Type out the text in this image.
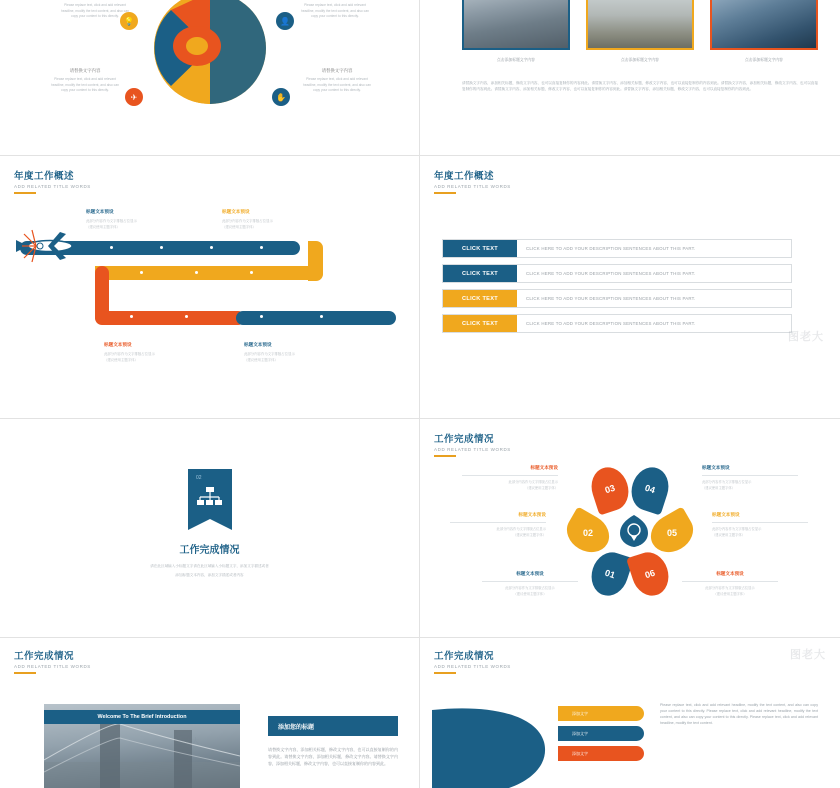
💡	👤
✈	✋
Please replace text, click and add relevant headline, modify the text content, and also can copy your content to this directly.
Please replace text, click and add relevant headline, modify the text content, and also can copy your content to this directly.
请替换文字内容
Please replace text, click and add relevant headline, modify the text content, and also can copy your content to this directly.
请替换文字内容
Please replace text, click and add relevant headline, modify the text content, and also can copy your content to this directly.
点击添加标题文字内容	点击添加标题文字内容	点击添加标题文字内容
请替换文字内容，添加相关标题，修改文字内容，也可以直接复制你的内容到此。请替换文字内容，添加相关标题，修改文字内容，也可以直接复制你的内容到此。请替换文字内容，添加相关标题，修改文字内容，也可以直接复制你的内容到此。请替换文字内容，添加相关标题，修改文字内容，也可以直接复制你的内容到此。请替换文字内容，添加相关标题，修改文字内容，也可以直接复制你的内容到此。
年度工作概述
ADD RELATED TITLE WORDS
标题文本预设
此部分内容作为文字排版占位显示
（建议使用主题字体）
标题文本预设
此部分内容作为文字排版占位显示
（建议使用主题字体）
标题文本预设
此部分内容作为文字排版占位显示
（建议使用主题字体）
标题文本预设
此部分内容作为文字排版占位显示
（建议使用主题字体）
年度工作概述
ADD RELATED TITLE WORDS
CLICK TEXT	CLICK HERE TO ADD YOUR DESCRIPTION SENTENCES ABOUT THIS PART.
CLICK TEXT	CLICK HERE TO ADD YOUR DESCRIPTION SENTENCES ABOUT THIS PART.
CLICK TEXT	CLICK HERE TO ADD YOUR DESCRIPTION SENTENCES ABOUT THIS PART.
CLICK TEXT	CLICK HERE TO ADD YOUR DESCRIPTION SENTENCES ABOUT THIS PART.
图老大
02
工作完成情况
请在此区域输入小标题文字请在此区域输入小标题文字，添加文字描述或者
添加标题文本内容，添加文字描述或者内容
工作完成情况
ADD RELATED TITLE WORDS
03	04
02	05
01	06
标题文本预设
此部分内容作为文字排版占位显示
（建议使用主题字体）
标题文本预设
此部分内容作为文字排版占位显示
（建议使用主题字体）
标题文本预设
此部分内容作为文字排版占位显示
（建议使用主题字体）
标题文本预设
此部分内容作为文字排版占位显示
（建议使用主题字体）
标题文本预设
此部分内容作为文字排版占位显示
（建议使用主题字体）
标题文本预设
此部分内容作为文字排版占位显示
（建议使用主题字体）
工作完成情况
ADD RELATED TITLE WORDS
Welcome To The Brief Introduction
添加您的标题
请替换文字内容，添加相关标题，修改文字内容，也可以直接复制你的内容到此。请替换文字内容，添加相关标题，修改文字内容。请替换文字内容，添加相关标题，修改文字内容，也可以直接复制你的内容到此。
图老大
工作完成情况
ADD RELATED TITLE WORDS
添加文字
添加文字
添加文字
Please replace text, click and add relevant headline, modify the text content, and also can copy your content to this directly. Please replace text, click and add relevant headline, modify the text content, and also can copy your content to this directly. Please replace text, click and add relevant headline, modify the text content.
图老大
